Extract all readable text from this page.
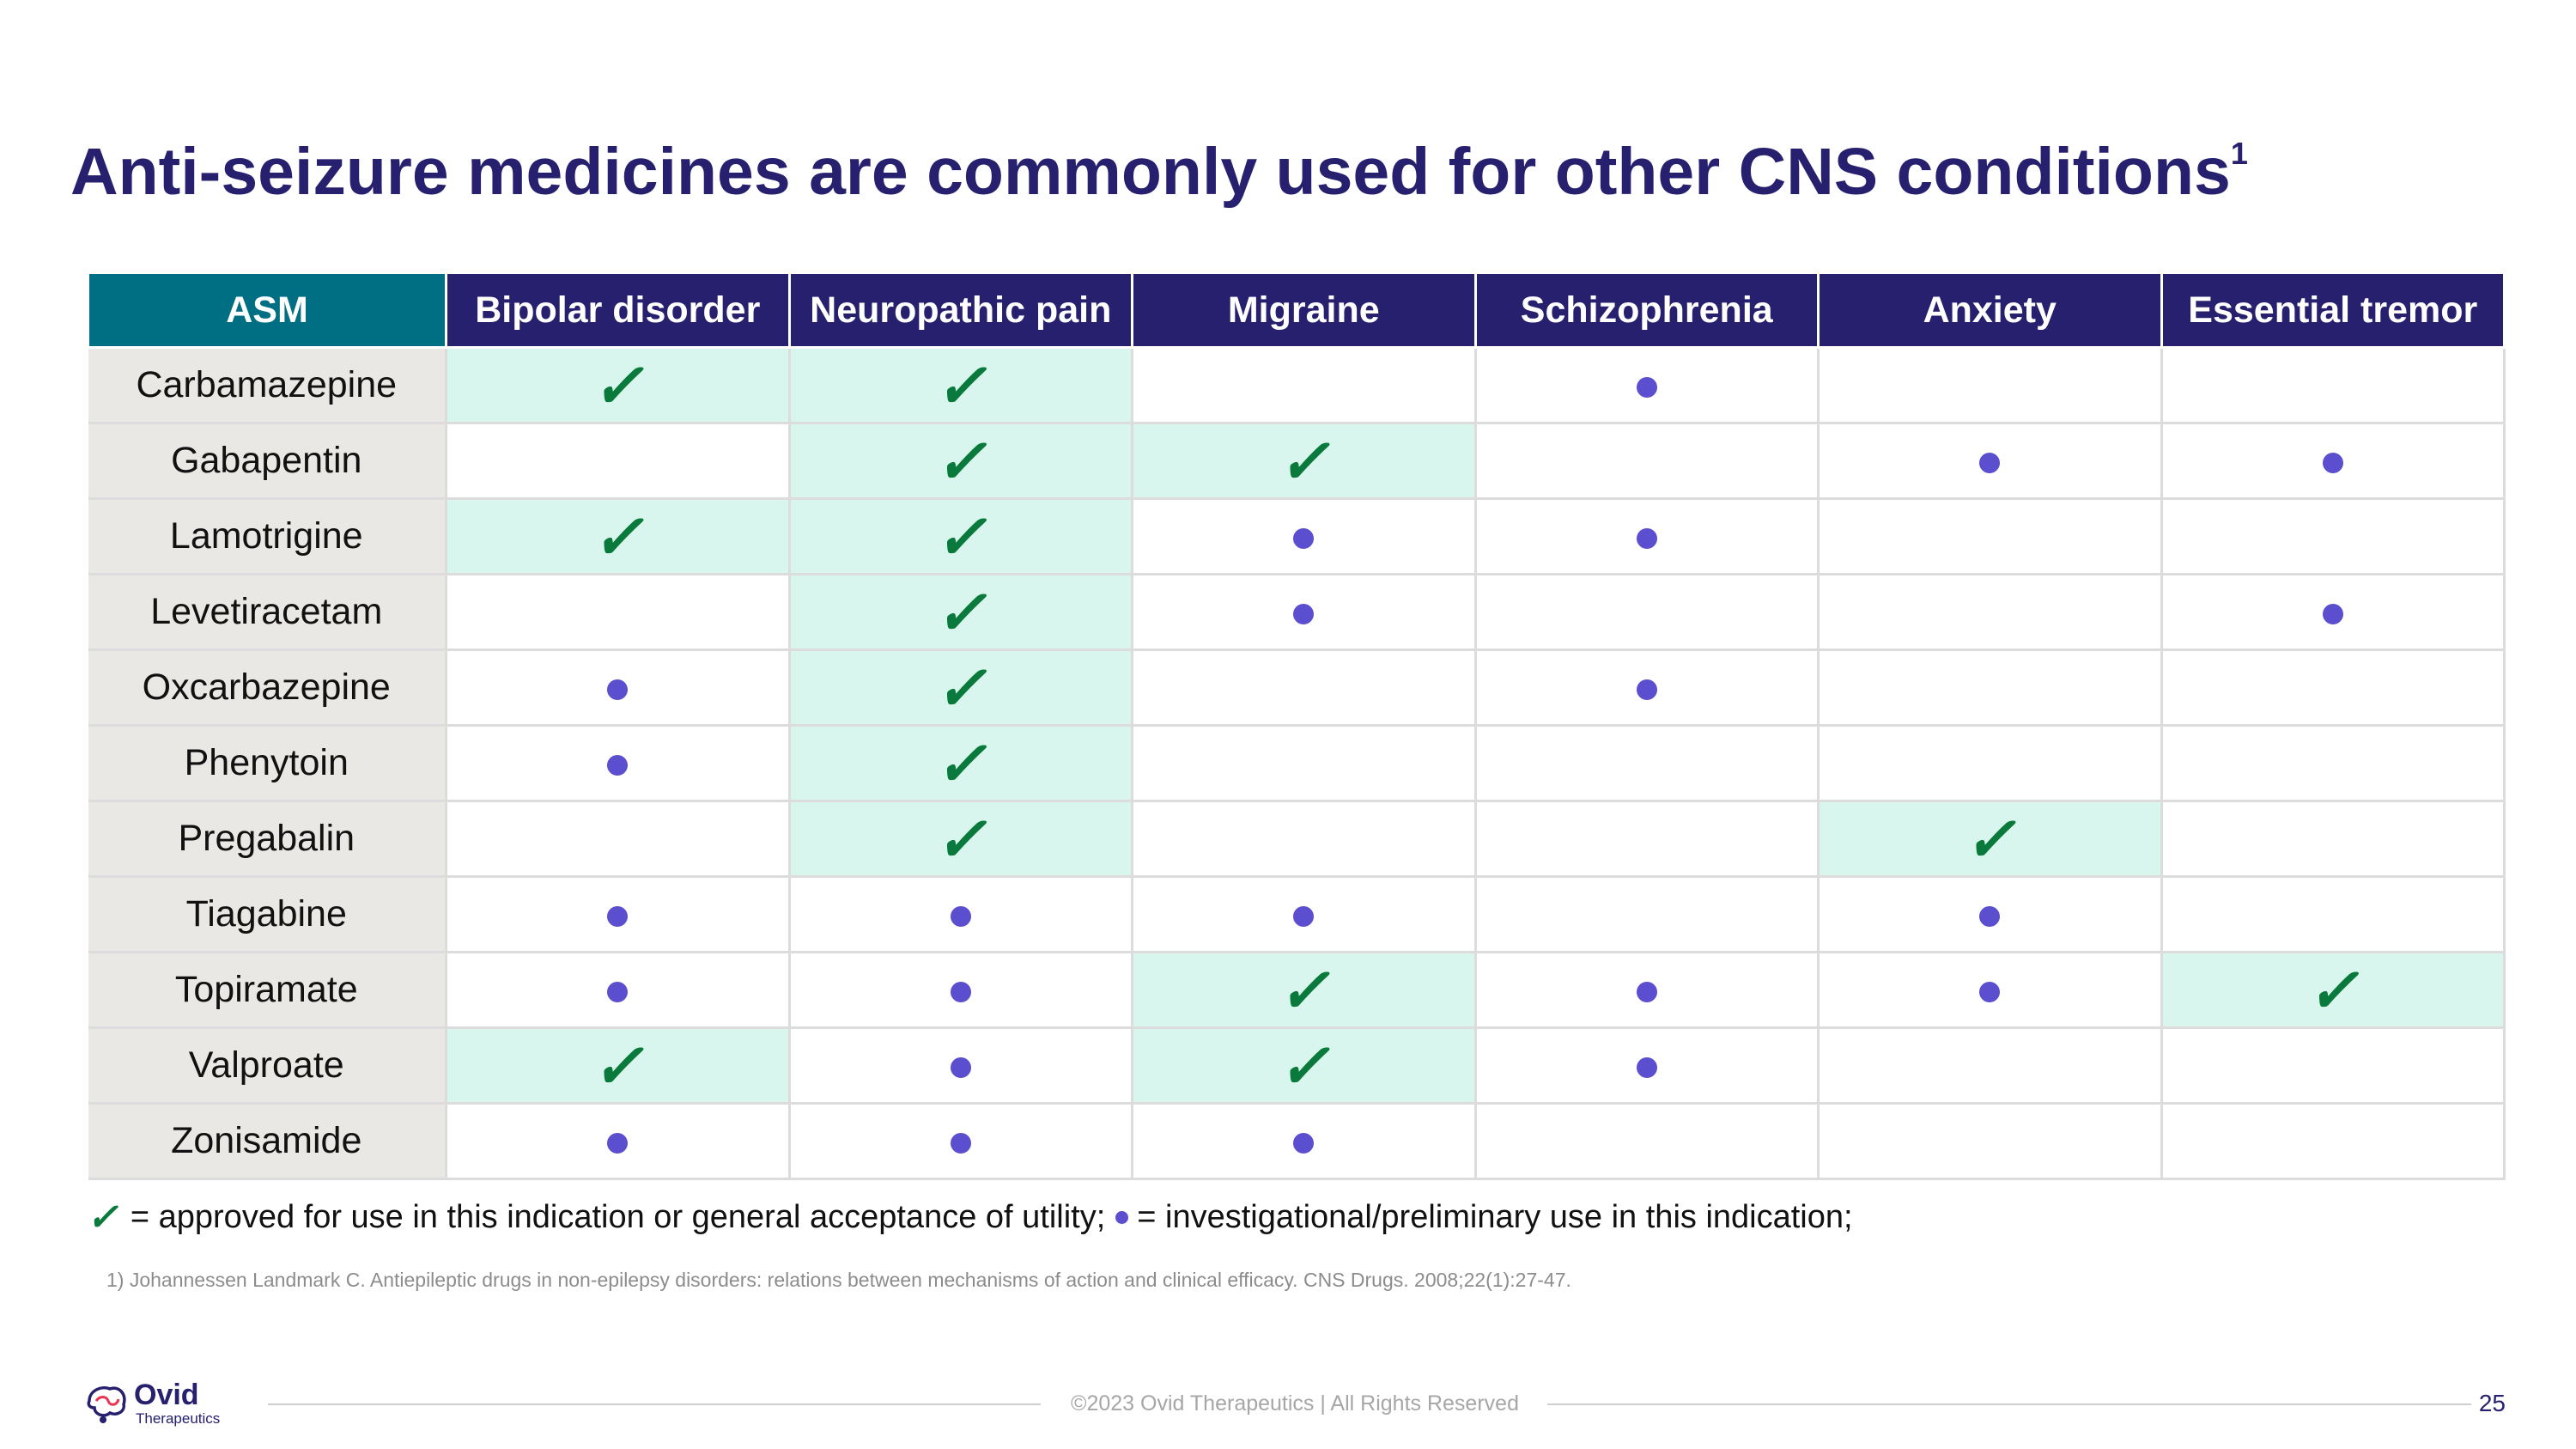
Anti-seizure medicines are commonly used for other CNS conditions$^1$
ASM	Bipolar disorder	Neuropathic pain	Migraine	Schizophrenia	Anxiety	Essential tremor
Carbamazepine	✓	✓				
Gabapentin		✓	✓			
Lamotrigine	✓	✓				
Levetiracetam		✓				
Oxcarbazepine		✓				
Phenytoin		✓				
Pregabalin		✓			✓	
Tiagabine						
Topiramate			✓			✓
Valproate	✓		✓			
Zonisamide						
✓ = approved for use in this indication or general acceptance of utility; = investigational/preliminary use in this indication;
1) Johannessen Landmark C. Antiepileptic drugs in non-epilepsy disorders: relations between mechanisms of action and clinical efficacy. CNS Drugs. 2008;22(1):27-47.
Ovid
Therapeutics
©2023 Ovid Therapeutics | All Rights Reserved	25
